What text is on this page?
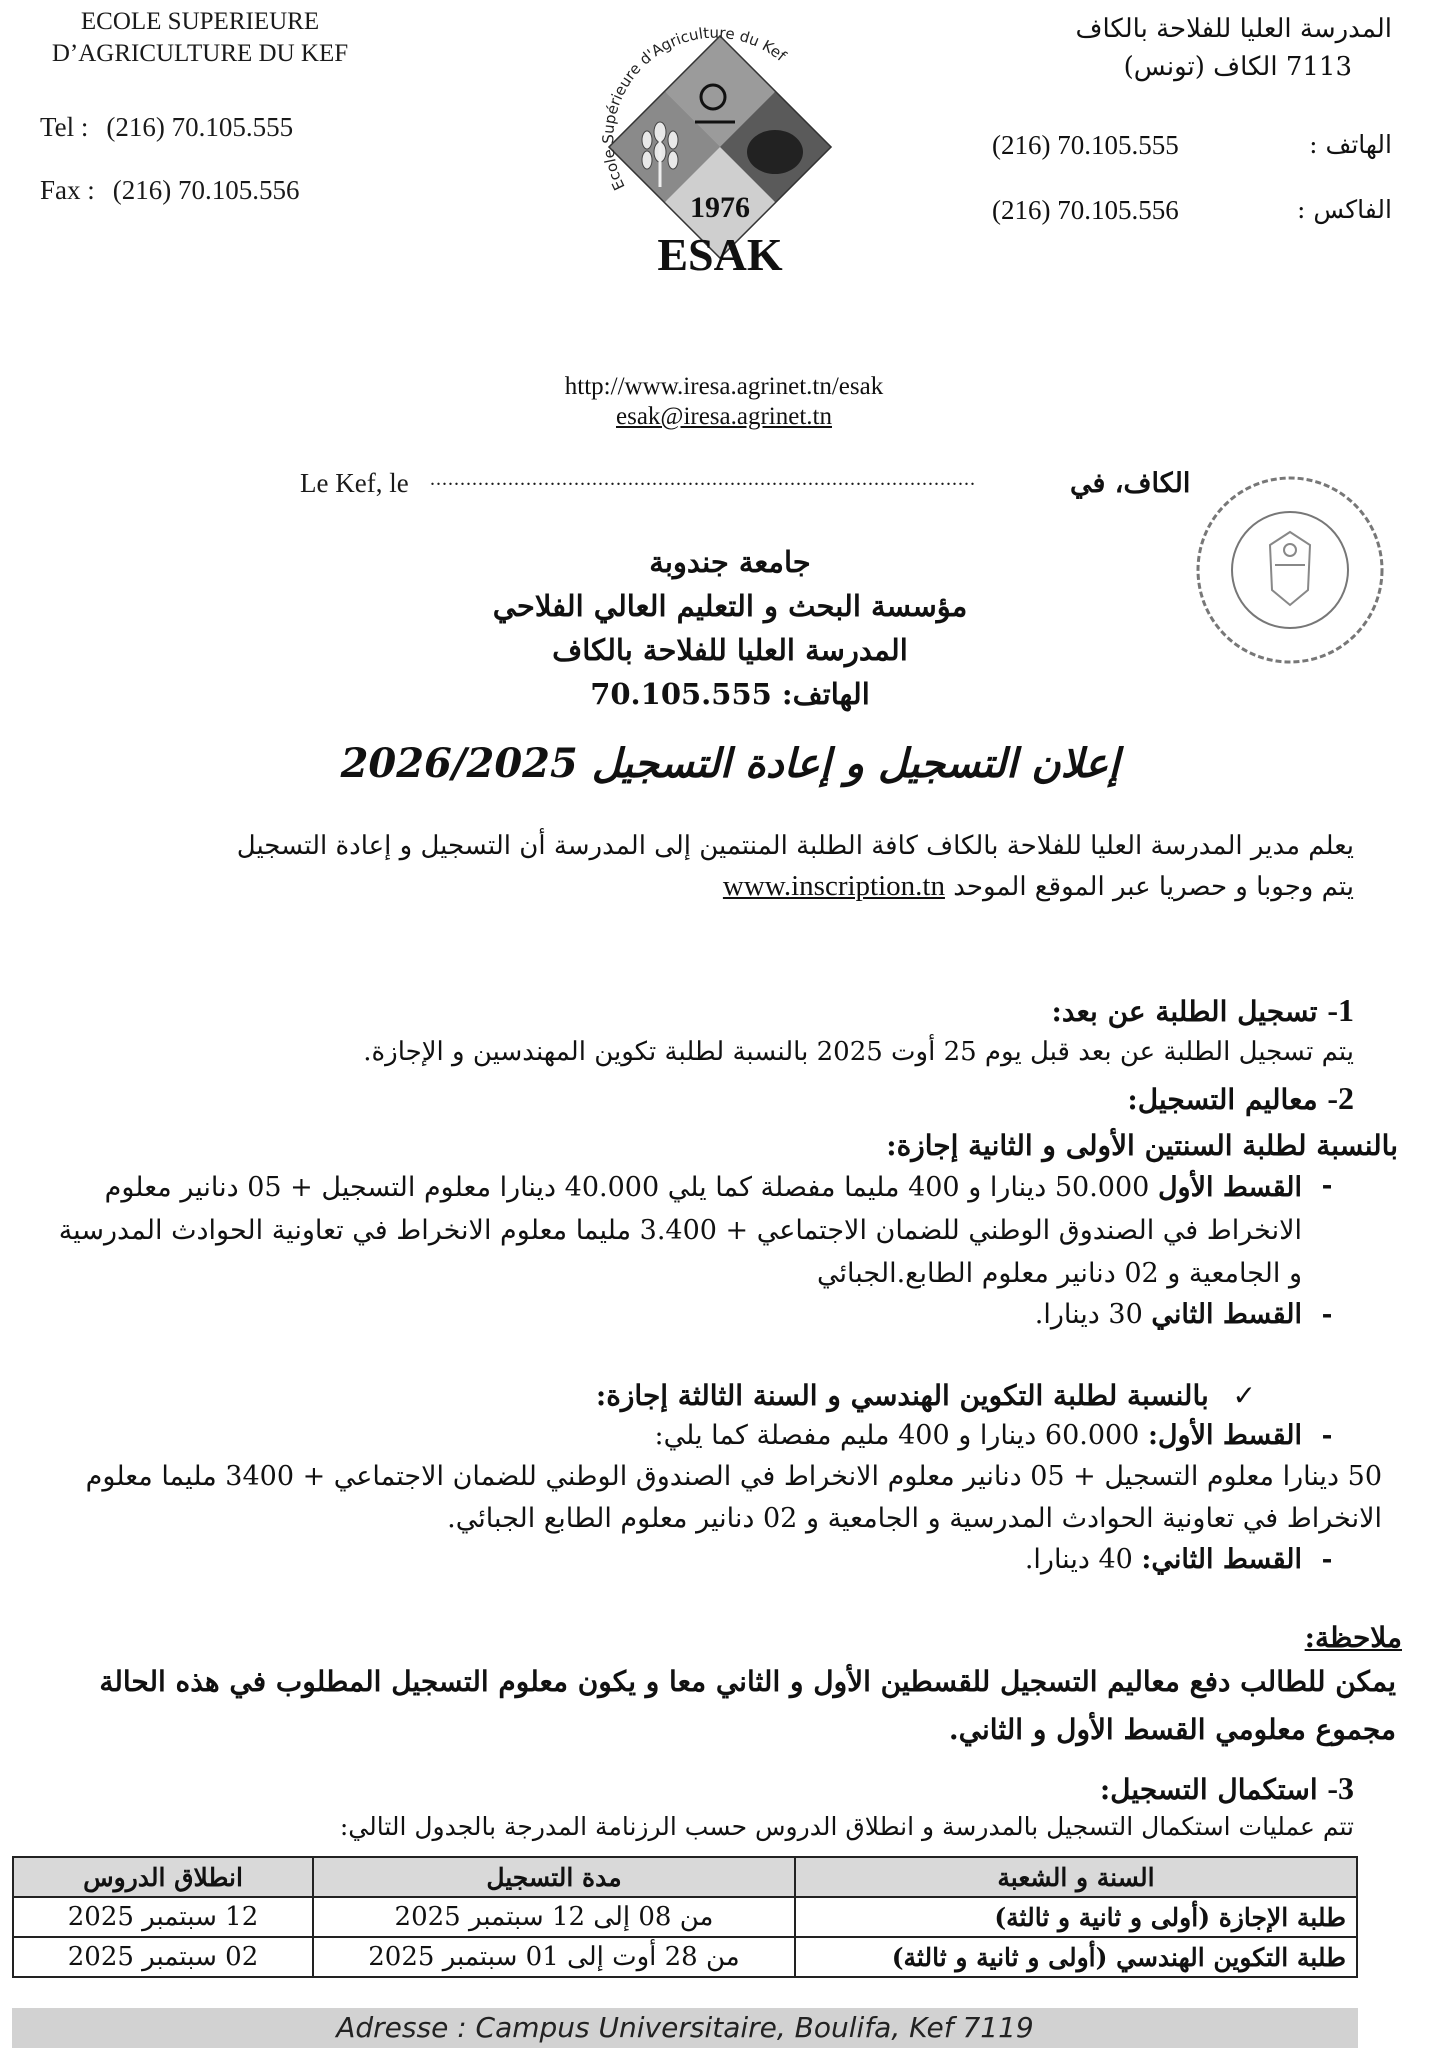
ECOLE SUPERIEURE
D’AGRICULTURE DU KEF
Tel : (216) 70.105.555
Fax : (216) 70.105.556	Ecole Supérieure d'Agriculture du Kef
1976
ESAK
المدرسة العليا للفلاحة بالكاف
7113 الكاف (تونس)
الهاتف :
(216) 70.105.555
الفاكس :
(216) 70.105.556
http://www.iresa.agrinet.tn/esak
esak@iresa.agrinet.tn
Le Kef, le ...........................................................................................	الكاف، في
جامعة جندوبة
مؤسسة البحث و التعليم العالي الفلاحي
المدرسة العليا للفلاحة بالكاف
الهاتف: 70.105.555
إعلان التسجيل و إعادة التسجيل 2026/2025
يعلم مدير المدرسة العليا للفلاحة بالكاف كافة الطلبة المنتمين إلى المدرسة أن التسجيل و إعادة التسجيل
يتم وجوبا و حصريا عبر الموقع الموحد www.inscription.tn
1- تسجيل الطلبة عن بعد:
يتم تسجيل الطلبة عن بعد قبل يوم 25 أوت 2025 بالنسبة لطلبة تكوين المهندسين و الإجازة.
2- معاليم التسجيل:
بالنسبة لطلبة السنتين الأولى و الثانية إجازة:
-
القسط الأول 50.000 دينارا و 400 مليما مفصلة كما يلي 40.000 دينارا معلوم التسجيل + 05 دنانير معلوم الانخراط في الصندوق الوطني للضمان الاجتماعي + 3.400 مليما معلوم الانخراط في تعاونية الحوادث المدرسية و الجامعية و 02 دنانير معلوم الطابع.الجبائي
-
القسط الثاني 30 دينارا.
✓ بالنسبة لطلبة التكوين الهندسي و السنة الثالثة إجازة:
-
القسط الأول: 60.000 دينارا و 400 مليم مفصلة كما يلي:
50 دينارا معلوم التسجيل + 05 دنانير معلوم الانخراط في الصندوق الوطني للضمان الاجتماعي + 3400 مليما معلوم الانخراط في تعاونية الحوادث المدرسية و الجامعية و 02 دنانير معلوم الطابع الجبائي.
-
القسط الثاني: 40 دينارا.
ملاحظة:
يمكن للطالب دفع معاليم التسجيل للقسطين الأول و الثاني معا و يكون معلوم التسجيل المطلوب في هذه الحالة مجموع معلومي القسط الأول و الثاني.
3- استكمال التسجيل:
تتم عمليات استكمال التسجيل بالمدرسة و انطلاق الدروس حسب الرزنامة المدرجة بالجدول التالي:
السنة و الشعبة	مدة التسجيل	انطلاق الدروس
طلبة الإجازة (أولى و ثانية و ثالثة)	من 08 إلى 12 سبتمبر 2025	12 سبتمبر 2025
طلبة التكوين الهندسي (أولى و ثانية و ثالثة)	من 28 أوت إلى 01 سبتمبر 2025	02 سبتمبر 2025
Adresse : Campus Universitaire, Boulifa, Kef 7119
